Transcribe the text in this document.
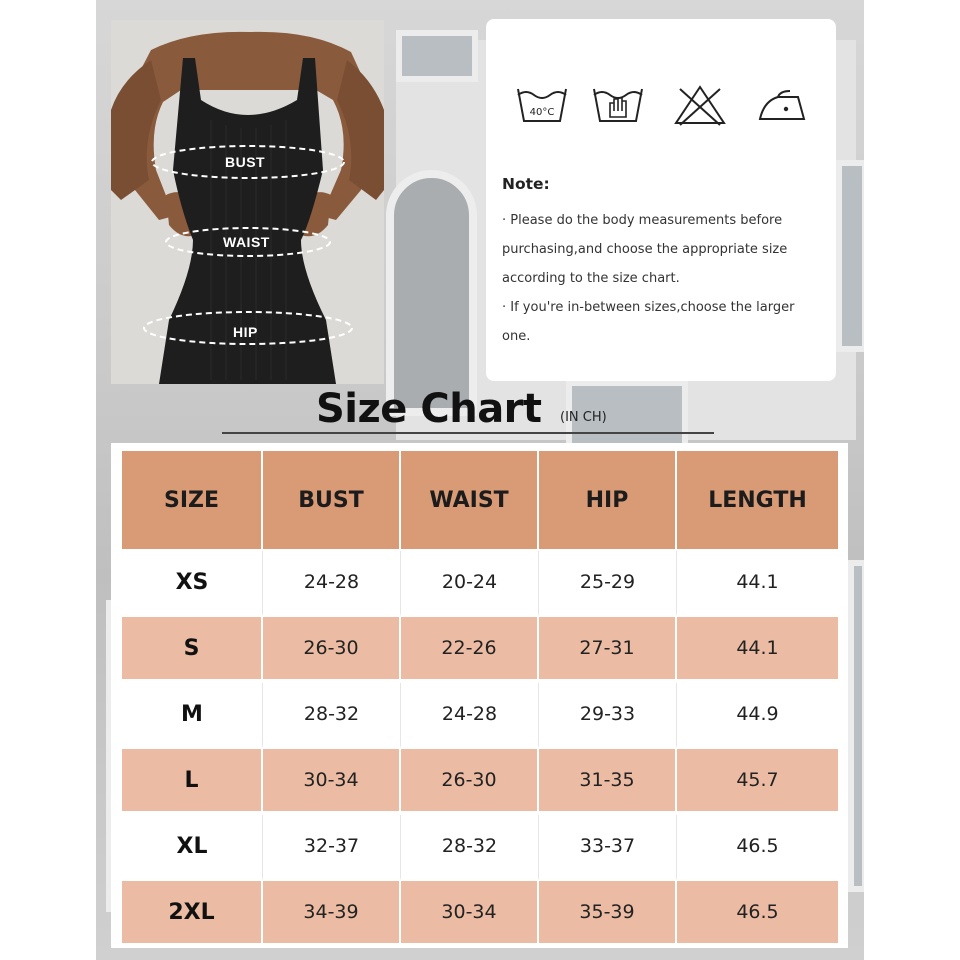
BUST
WAIST
HIP
40°C
Note:

· Please do the body measurements before purchasing,and choose the appropriate size according to the size chart.

· If you're in-between sizes,choose the larger one.

Size Chart (IN CH)
SIZE	BUST	WAIST	HIP	LENGTH
XS	24-28	20-24	25-29	44.1
S	26-30	22-26	27-31	44.1
M	28-32	24-28	29-33	44.9
L	30-34	26-30	31-35	45.7
XL	32-37	28-32	33-37	46.5
2XL	34-39	30-34	35-39	46.5
